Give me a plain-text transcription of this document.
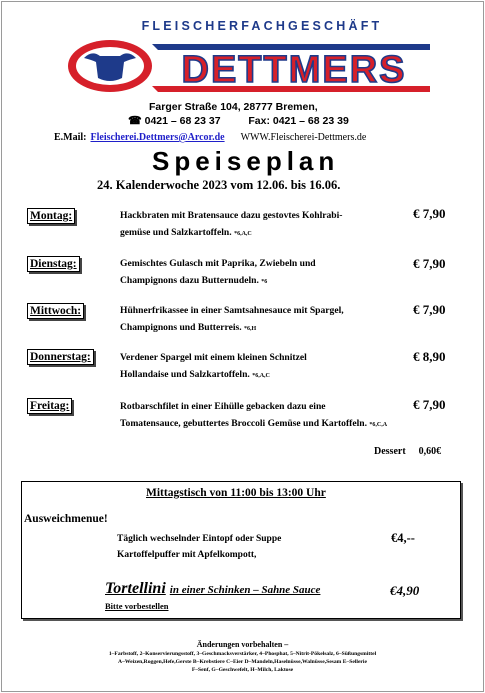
FLEISCHERFACHGESCHÄFT
DETTMERS
Farger Straße 104, 28777 Bremen,
☎ 0421 – 68 23 37	Fax: 0421 – 68 23 39
E.Mail: Fleischerei.Dettmers@Arcor.de WWW.Fleischerei-Dettmers.de
Speiseplan
24. Kalenderwoche 2023 vom 12.06. bis 16.06.
Montag:	Hackbraten mit Bratensauce dazu gestovtes Kohlrabi-
gemüse und Salzkartoffeln. *6,A,C
€ 7,90
Dienstag:	Gemischtes Gulasch mit Paprika, Zwiebeln und
Champignons dazu Butternudeln. *6
€ 7,90
Mittwoch:	Hühnerfrikassee in einer Samtsahnesauce mit Spargel,
Champignons und Butterreis. *6,H
€ 7,90
Donnerstag:	Verdener Spargel mit einem kleinen Schnitzel
Hollandaise und Salzkartoffeln. *6,A,C
€ 8,90
Freitag:	Rotbarschfilet in einer Eihülle gebacken dazu eine
Tomatensauce, gebuttertes Broccoli Gemüse und Kartoffeln. *6,C,A
€ 7,90
Dessert 0,60€
Mittagstisch von 11:00 bis 13:00 Uhr
Ausweichmenue!
Täglich wechselnder Eintopf oder Suppe
Kartoffelpuffer mit Apfelkompott,
€4,--
Tortellini in einer Schinken – Sahne Sauce	€4,90
Bitte vorbestellen
Änderungen vorbehalten –
1–Farbstoff, 2–Konservierungsstoff, 3–Geschmacksverstärker, 4–Phosphat, 5–Nitrit-Pökelsalz, 6–Süßungsmittel
A–Weizen,Roggen,Hefe,Gerste B–Krebstiere C–Eier D–Mandeln,Haselnüsse,Walnüsse,Sesam E–Sellerie
F–Senf, G–Geschwefelt, H–Milch, Laktose
